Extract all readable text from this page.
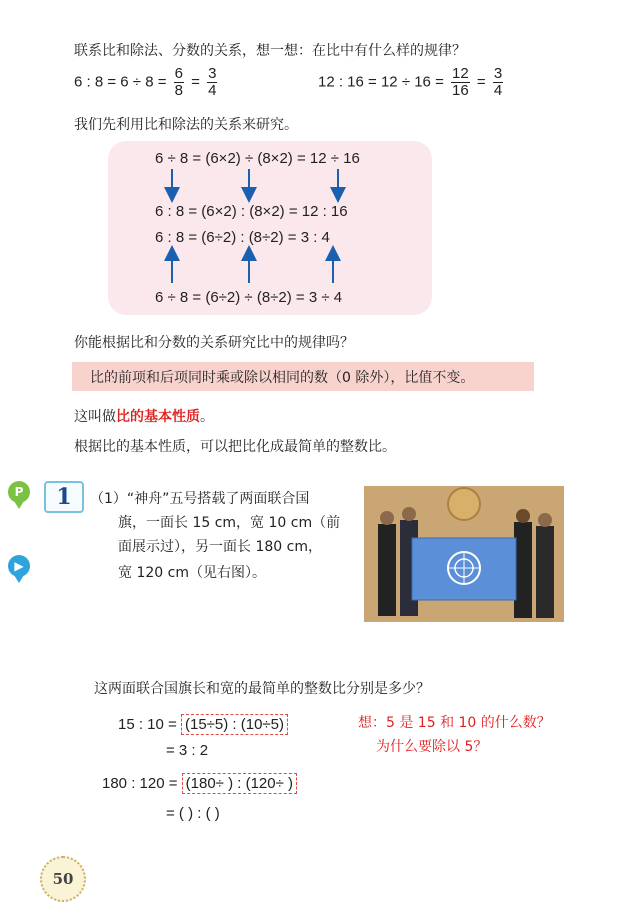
联系比和除法、分数的关系，想一想：在比中有什么样的规律？
6 : $8 = 6 \div 8 = \frac{6}{8} = \frac{3}{4}$	12 : $16 = 12 \div 16 = \frac{12}{16} = \frac{3}{4}$
我们先利用比和除法的关系来研究。
6 ÷ 8 = (6×2) ÷ (8×2) = 12 ÷ 16
6 : 8 = (6×2) : (8×2) = 12 : 16
6 : 8 = (6÷2) : (8÷2) = 3 : 4
6 ÷ 8 = (6÷2) ÷ (8÷2) = 3 ÷ 4
你能根据比和分数的关系研究比中的规律吗？
比的前项和后项同时乘或除以相同的数（0 除外），比值不变。
这叫做比的基本性质。
根据比的基本性质，可以把比化成最简单的整数比。
P
▶
1	（1）“神舟”五号搭载了两面联合国
旗，一面长 15 cm，宽 10 cm（前
面展示过），另一面长 180 cm，
宽 120 cm（见右图）。
这两面联合国旗长和宽的最简单的整数比分别是多少？
15 : 10 = (15÷5) : (10÷5)
= 3 : 2
180 : 120 = (180÷ ) : (120÷ )
= ( ) : ( )
想：5 是 15 和 10 的什么数？
为什么要除以 5？
50
